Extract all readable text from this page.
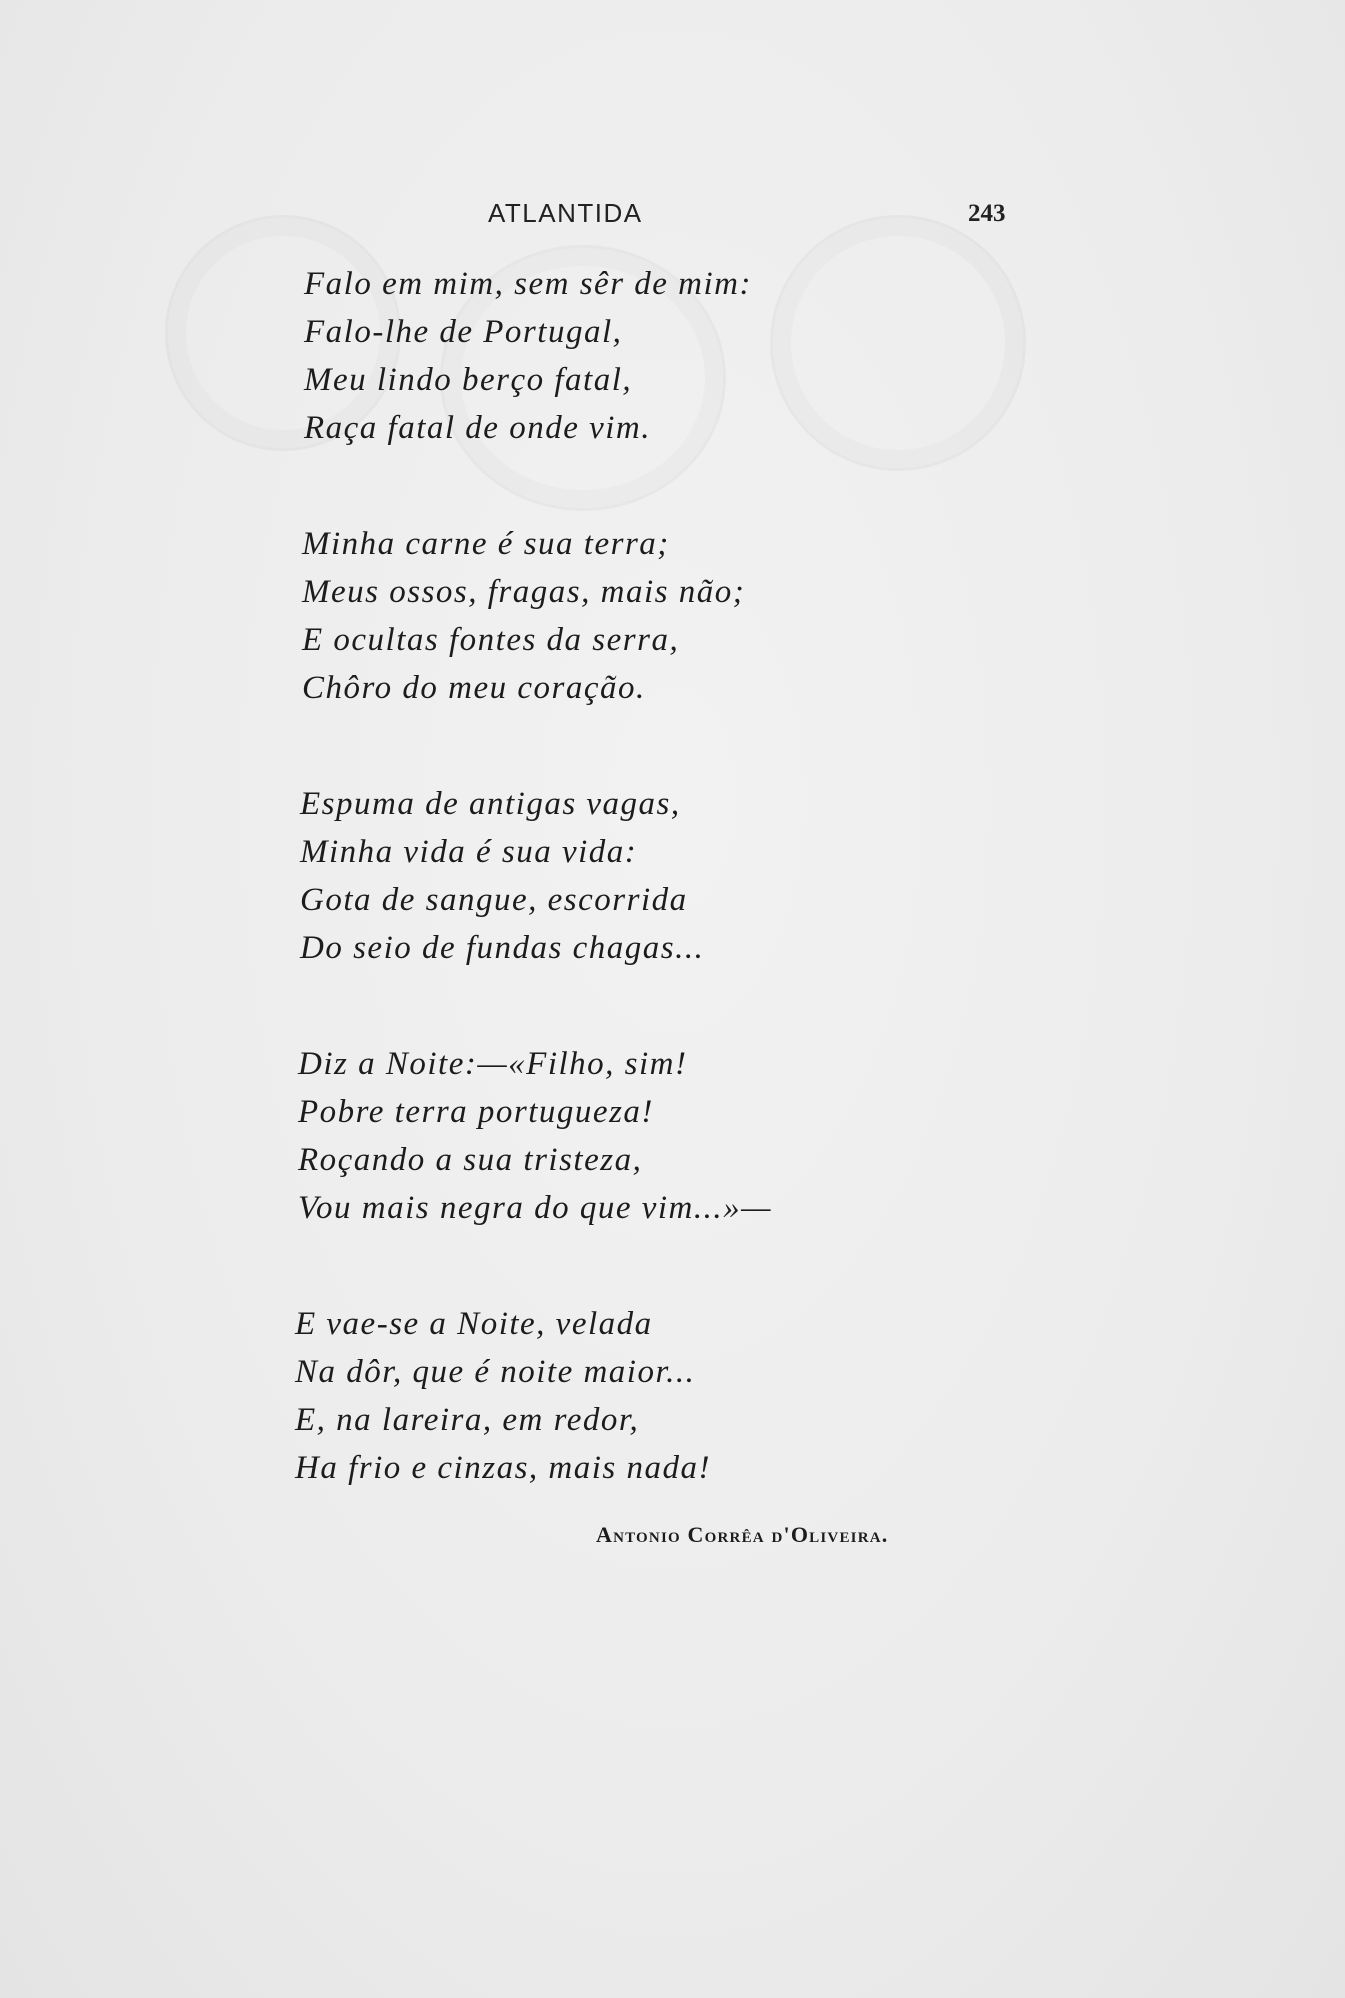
ATLANTIDA	243
Falo em mim, sem sêr de mim:
Falo-lhe de Portugal,
Meu lindo berço fatal,
Raça fatal de onde vim.
Minha carne é sua terra;
Meus ossos, fragas, mais não;
E ocultas fontes da serra,
Chôro do meu coração.
Espuma de antigas vagas,
Minha vida é sua vida:
Gota de sangue, escorrida
Do seio de fundas chagas...
Diz a Noite:—«Filho, sim!
Pobre terra portugueza!
Roçando a sua tristeza,
Vou mais negra do que vim...»—
E vae-se a Noite, velada
Na dôr, que é noite maior...
E, na lareira, em redor,
Ha frio e cinzas, mais nada!
Antonio Corrêa d'Oliveira.
